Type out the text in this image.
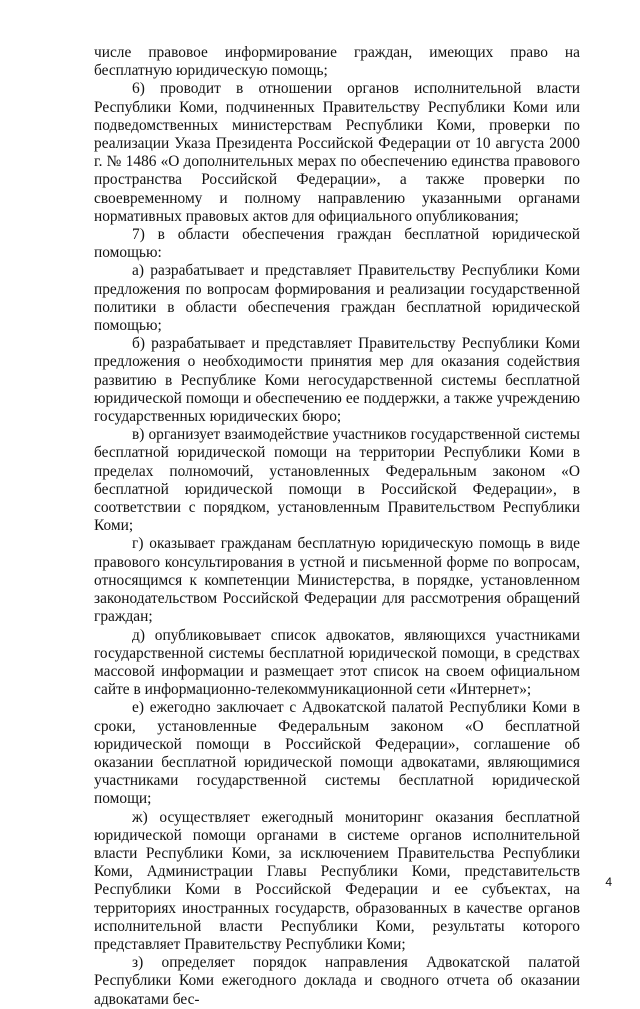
числе правовое информирование граждан, имеющих право на бесплатную юридическую помощь;

6) проводит в отношении органов исполнительной власти Республики Коми, подчиненных Правительству Республики Коми или подведомственных министерствам Республики Коми, проверки по реализации Указа Президента Российской Федерации от 10 августа 2000 г. № 1486 «О дополнительных мерах по обеспечению единства правового пространства Российской Федерации», а также проверки по своевременному и полному направлению указанными органами нормативных правовых актов для официального опубликования;

7) в области обеспечения граждан бесплатной юридической помощью:

а) разрабатывает и представляет Правительству Республики Коми предложения по вопросам формирования и реализации государственной политики в области обеспечения граждан бесплатной юридической помощью;

б) разрабатывает и представляет Правительству Республики Коми предложения о необходимости принятия мер для оказания содействия развитию в Республике Коми негосударственной системы бесплатной юридической помощи и обеспечению ее поддержки, а также учреждению государственных юридических бюро;

в) организует взаимодействие участников государственной системы бесплатной юридической помощи на территории Республики Коми в пределах полномочий, установленных Федеральным законом «О бесплатной юридической помощи в Российской Федерации», в соответствии с порядком, установленным Правительством Республики Коми;

г) оказывает гражданам бесплатную юридическую помощь в виде правового консультирования в устной и письменной форме по вопросам, относящимся к компетенции Министерства, в порядке, установленном законодательством Российской Федерации для рассмотрения обращений граждан;

д) опубликовывает список адвокатов, являющихся участниками государственной системы бесплатной юридической помощи, в средствах массовой информации и размещает этот список на своем официальном сайте в информационно-телекоммуникационной сети «Интернет»;

е) ежегодно заключает с Адвокатской палатой Республики Коми в сроки, установленные Федеральным законом «О бесплатной юридической помощи в Российской Федерации», соглашение об оказании бесплатной юридической помощи адвокатами, являющимися участниками государственной системы бесплатной юридической помощи;

ж) осуществляет ежегодный мониторинг оказания бесплатной юридической помощи органами в системе органов исполнительной власти Республики Коми, за исключением Правительства Республики Коми, Администрации Главы Республики Коми, представительств Республики Коми в Российской Федерации и ее субъектах, на территориях иностранных государств, образованных в качестве органов исполнительной власти Республики Коми, результаты которого представляет Правительству Республики Коми;

з) определяет порядок направления Адвокатской палатой Республики Коми ежегодного доклада и сводного отчета об оказании адвокатами бес-

4
